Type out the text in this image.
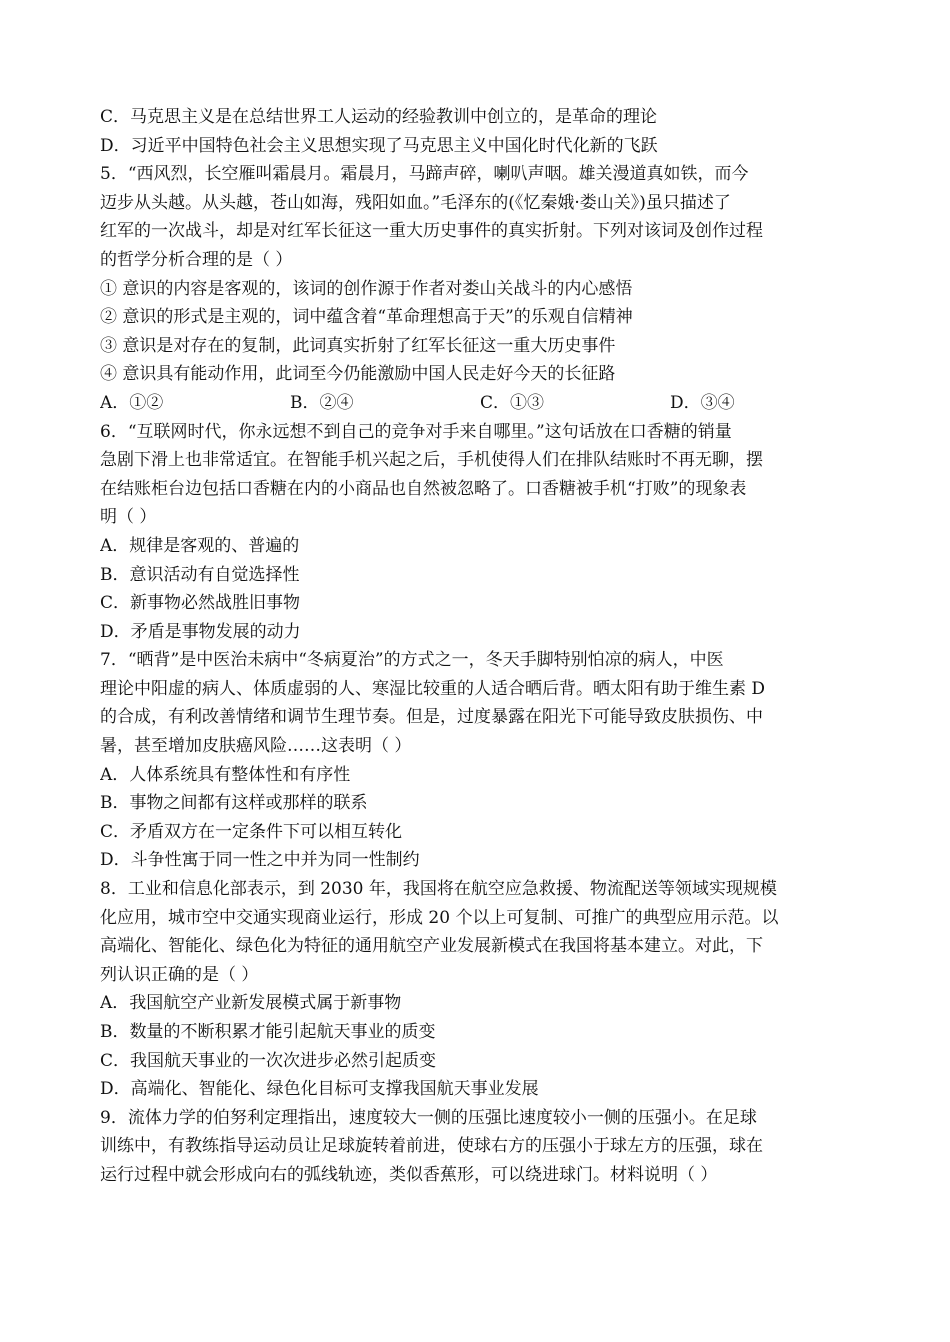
C．马克思主义是在总结世界工人运动的经验教训中创立的，是革命的理论
D．习近平中国特色社会主义思想实现了马克思主义中国化时代化新的飞跃
5．“西风烈，长空雁叫霜晨月。霜晨月，马蹄声碎，喇叭声咽。雄关漫道真如铁，而今
迈步从头越。从头越，苍山如海，残阳如血。”毛泽东的(《忆秦娥·娄山关》)虽只描述了
红军的一次战斗，却是对红军长征这一重大历史事件的真实折射。下列对该词及创作过程
的哲学分析合理的是（ ）
① 意识的内容是客观的，该词的创作源于作者对娄山关战斗的内心感悟
② 意识的形式是主观的，词中蕴含着“革命理想高于天”的乐观自信精神
③ 意识是对存在的复制，此词真实折射了红军长征这一重大历史事件
④ 意识具有能动作用，此词至今仍能激励中国人民走好今天的长征路
A．①②	B．②④	C．①③	D．③④
6．“互联网时代，你永远想不到自己的竞争对手来自哪里。”这句话放在口香糖的销量
急剧下滑上也非常适宜。在智能手机兴起之后，手机使得人们在排队结账时不再无聊，摆
在结账柜台边包括口香糖在内的小商品也自然被忽略了。口香糖被手机“打败”的现象表
明（ ）
A．规律是客观的、普遍的
B．意识活动有自觉选择性
C．新事物必然战胜旧事物
D．矛盾是事物发展的动力
7．“晒背”是中医治未病中“冬病夏治”的方式之一，冬天手脚特别怕凉的病人，中医
理论中阳虚的病人、体质虚弱的人、寒湿比较重的人适合晒后背。晒太阳有助于维生素 D
的合成，有利改善情绪和调节生理节奏。但是，过度暴露在阳光下可能导致皮肤损伤、中
暑，甚至增加皮肤癌风险……这表明（ ）
A．人体系统具有整体性和有序性
B．事物之间都有这样或那样的联系
C．矛盾双方在一定条件下可以相互转化
D．斗争性寓于同一性之中并为同一性制约
8．工业和信息化部表示，到 2030 年，我国将在航空应急救援、物流配送等领域实现规模
化应用，城市空中交通实现商业运行，形成 20 个以上可复制、可推广的典型应用示范。以
高端化、智能化、绿色化为特征的通用航空产业发展新模式在我国将基本建立。对此，下
列认识正确的是（ ）
A．我国航空产业新发展模式属于新事物
B．数量的不断积累才能引起航天事业的质变
C．我国航天事业的一次次进步必然引起质变
D．高端化、智能化、绿色化目标可支撑我国航天事业发展
9．流体力学的伯努利定理指出，速度较大一侧的压强比速度较小一侧的压强小。在足球
训练中，有教练指导运动员让足球旋转着前进，使球右方的压强小于球左方的压强，球在
运行过程中就会形成向右的弧线轨迹，类似香蕉形，可以绕进球门。材料说明（ ）
